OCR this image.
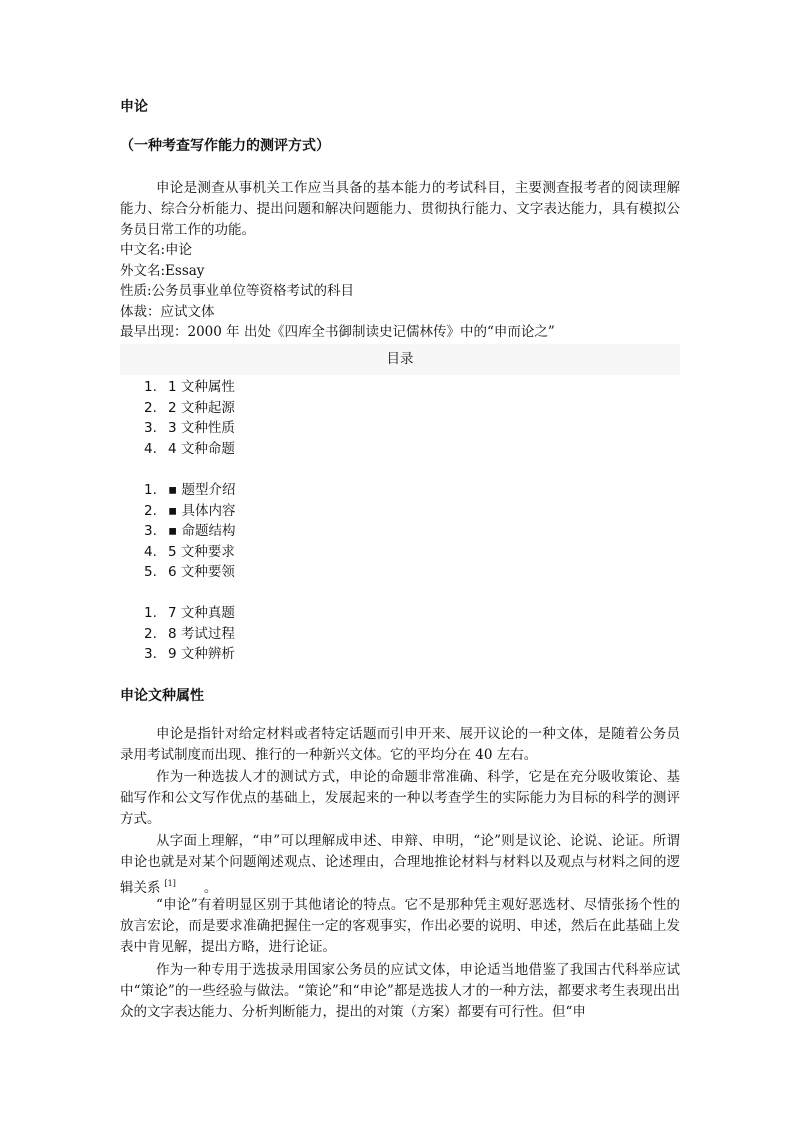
申论
（一种考查写作能力的测评方式）

申论是测查从事机关工作应当具备的基本能力的考试科目，主要测查报考者的阅读理解能力、综合分析能力、提出问题和解决问题能力、贯彻执行能力、文字表达能力，具有模拟公务员日常工作的功能。

中文名:申论
外文名:Essay
性质:公务员事业单位等资格考试的科目
体裁：应试文体
最早出现：2000 年 出处《四库全书御制读史记儒林传》中的“申而论之”
目录
1. 1 文种属性
2. 2 文种起源
3. 3 文种性质
4. 4 文种命题
1. ▪ 题型介绍
2. ▪ 具体内容
3. ▪ 命题结构
4. 5 文种要求
5. 6 文种要领
1. 7 文种真题
2. 8 考试过程
3. 9 文种辨析
申论文种属性

申论是指针对给定材料或者特定话题而引申开来、展开议论的一种文体，是随着公务员录用考试制度而出现、推行的一种新兴文体。它的平均分在 40 左右。

作为一种选拔人才的测试方式，申论的命题非常准确、科学，它是在充分吸收策论、基础写作和公文写作优点的基础上，发展起来的一种以考查学生的实际能力为目标的科学的测评方式。

从字面上理解，“申”可以理解成申述、申辩、申明，“论”则是议论、论说、论证。所谓申论也就是对某个问题阐述观点、论述理由，合理地推论材料与材料以及观点与材料之间的逻辑关系 [1] 。

“申论”有着明显区别于其他诸论的特点。它不是那种凭主观好恶选材、尽情张扬个性的放言宏论，而是要求准确把握住一定的客观事实，作出必要的说明、申述，然后在此基础上发表中肯见解，提出方略，进行论证。

作为一种专用于选拔录用国家公务员的应试文体，申论适当地借鉴了我国古代科举应试中“策论”的一些经验与做法。“策论”和“申论”都是选拔人才的一种方法，都要求考生表现出出众的文字表达能力、分析判断能力，提出的对策（方案）都要有可行性。但“申
